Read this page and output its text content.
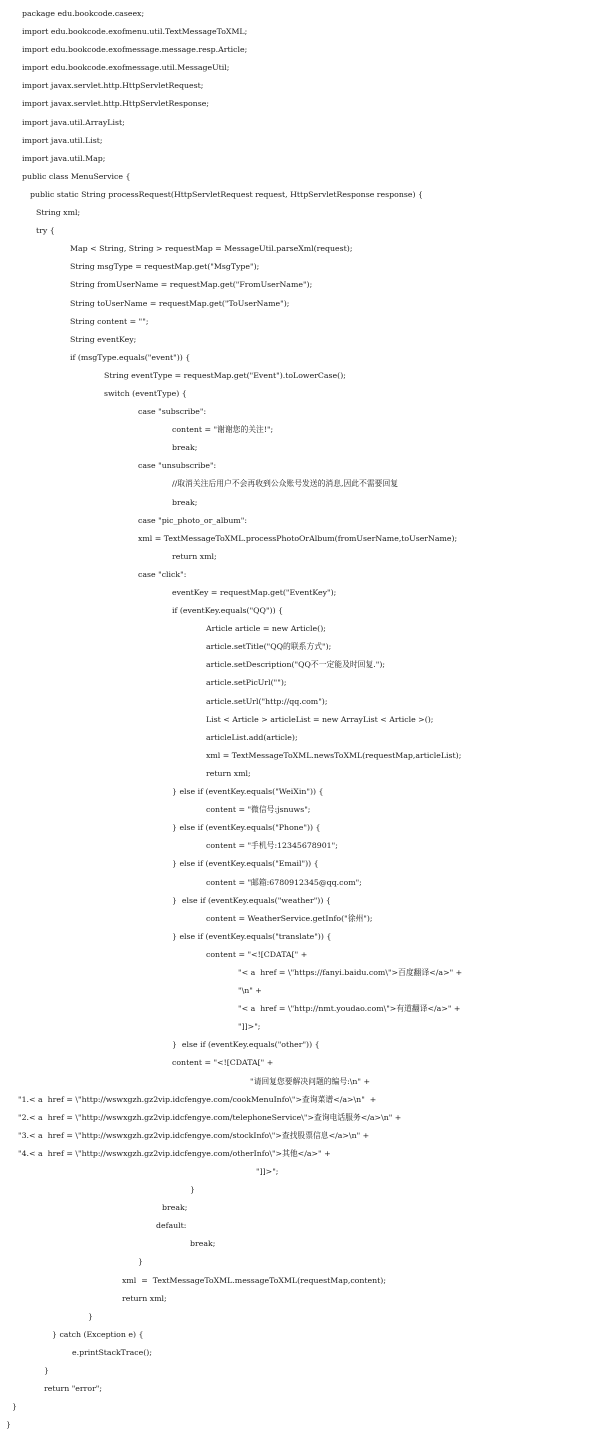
package edu.bookcode.caseex;
import edu.bookcode.exofmenu.util.TextMessageToXML;
import edu.bookcode.exofmessage.message.resp.Article;
import edu.bookcode.exofmessage.util.MessageUtil;
import javax.servlet.http.HttpServletRequest;
import javax.servlet.http.HttpServletResponse;
import java.util.ArrayList;
import java.util.List;
import java.util.Map;
public class MenuService {
public static String processRequest(HttpServletRequest request, HttpServletResponse response) {
String xml;
try {
Map < String, String > requestMap = MessageUtil.parseXml(request);
String msgType = requestMap.get("MsgType");
String fromUserName = requestMap.get("FromUserName");
String toUserName = requestMap.get("ToUserName");
String content = "";
String eventKey;
if (msgType.equals("event")) {
String eventType = requestMap.get("Event").toLowerCase();
switch (eventType) {
case "subscribe":
content = "谢谢您的关注!";
break;
case "unsubscribe":
//取消关注后用户不会再收到公众账号发送的消息,因此不需要回复
break;
case "pic_photo_or_album":
xml = TextMessageToXML.processPhotoOrAlbum(fromUserName,toUserName);
return xml;
case "click":
eventKey = requestMap.get("EventKey");
if (eventKey.equals("QQ")) {
Article article = new Article();
article.setTitle("QQ的联系方式");
article.setDescription("QQ不一定能及时回复.");
article.setPicUrl("");
article.setUrl("http://qq.com");
List < Article > articleList = new ArrayList < Article >();
articleList.add(article);
xml = TextMessageToXML.newsToXML(requestMap,articleList);
return xml;
} else if (eventKey.equals("WeiXin")) {
content = "微信号:jsnuws";
} else if (eventKey.equals("Phone")) {
content = "手机号:12345678901";
} else if (eventKey.equals("Email")) {
content = "邮箱:6780912345@qq.com";
}  else if (eventKey.equals("weather")) {
content = WeatherService.getInfo("徐州");
} else if (eventKey.equals("translate")) {
content = "<![CDATA[" +
"< a  href = \"https://fanyi.baidu.com\">百度翻译</a>" +
"\n" +
"< a  href = \"http://nmt.youdao.com\">有道翻译</a>" +
"]]>";
}  else if (eventKey.equals("other")) {
content = "<![CDATA[" +
"请回复您要解决问题的编号:\n" +
"1.< a  href = \"http://wswxgzh.gz2vip.idcfengye.com/cookMenuInfo\">查询菜谱</a>\n"  +
"2.< a  href = \"http://wswxgzh.gz2vip.idcfengye.com/telephoneService\">查询电话服务</a>\n" +
"3.< a  href = \"http://wswxgzh.gz2vip.idcfengye.com/stockInfo\">查找股票信息</a>\n" +
"4.< a  href = \"http://wswxgzh.gz2vip.idcfengye.com/otherInfo\">其他</a>" +
"]]>";
}
break;
default:
break;
}
xml  =  TextMessageToXML.messageToXML(requestMap,content);
return xml;
}
} catch (Exception e) {
e.printStackTrace();
}
return "error";
}
}
